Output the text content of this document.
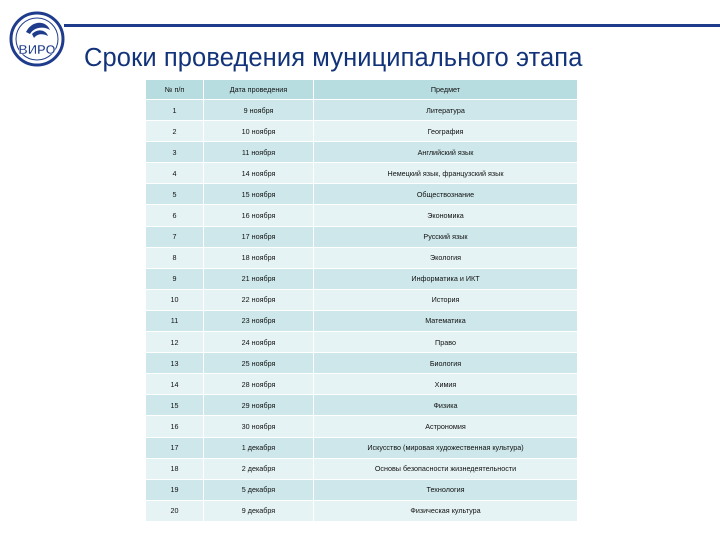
ВИРО Сроки проведения муниципального этапа
№ п/п	Дата проведения	Предмет
1	9 ноября	Литература
2	10 ноября	География
3	11 ноября	Английский язык
4	14 ноября	Немецкий язык, французский язык
5	15 ноября	Обществознание
6	16 ноября	Экономика
7	17 ноября	Русский язык
8	18 ноября	Экология
9	21 ноября	Информатика и ИКТ
10	22 ноября	История
11	23 ноября	Математика
12	24 ноября	Право
13	25 ноября	Биология
14	28 ноября	Химия
15	29 ноября	Физика
16	30 ноября	Астрономия
17	1 декабря	Искусство (мировая художественная культура)
18	2 декабря	Основы безопасности жизнедеятельности
19	5 декабря	Технология
20	9 декабря	Физическая культура
